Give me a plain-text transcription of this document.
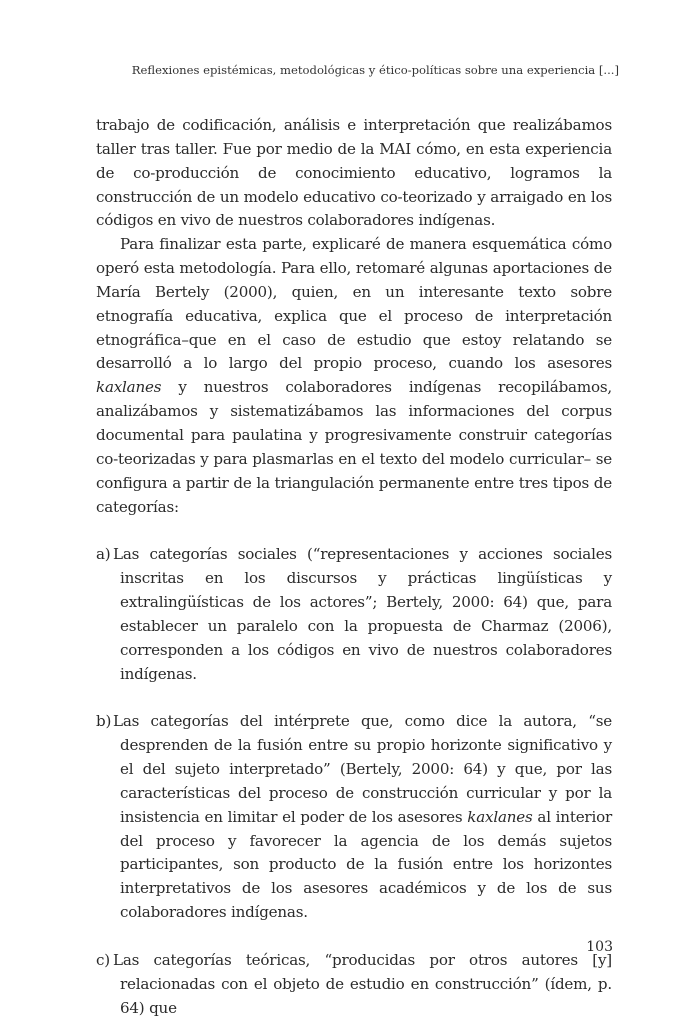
Reflexiones epistémicas, metodológicas y ético-políticas sobre una experiencia [...]

trabajo de codificación, análisis e interpretación que realizábamos taller tras taller. Fue por medio de la MAI cómo, en esta experiencia de co-producción de conocimiento educativo, logramos la construcción de un modelo educativo co-teorizado y arraigado en los códigos en vivo de nuestros colaboradores indígenas.

Para finalizar esta parte, explicaré de manera esquemática cómo operó esta metodología. Para ello, retomaré algunas aportaciones de María Bertely (2000), quien, en un interesante texto sobre etnografía educativa, explica que el proceso de interpretación etnográfica–que en el caso de estudio que estoy relatando se desarrolló a lo largo del propio proceso, cuando los asesores kaxlanes y nuestros colaboradores indígenas recopilábamos, analizábamos y sistematizábamos las informaciones del corpus documental para paulatina y progresivamente construir categorías co-teorizadas y para plasmarlas en el texto del modelo curricular– se configura a partir de la triangulación permanente entre tres tipos de categorías:

a) Las categorías sociales (“representaciones y acciones sociales inscritas en los discursos y prácticas lingüísticas y extralingüísticas de los actores”; Bertely, 2000: 64) que, para establecer un paralelo con la propuesta de Charmaz (2006), corresponden a los códigos en vivo de nuestros colaboradores indígenas.

b) Las categorías del intérprete que, como dice la autora, “se desprenden de la fusión entre su propio horizonte significativo y el del sujeto interpretado” (Bertely, 2000: 64) y que, por las características del proceso de construcción curricular y por la insistencia en limitar el poder de los asesores kaxlanes al interior del proceso y favorecer la agencia de los demás sujetos participantes, son producto de la fusión entre los horizontes interpretativos de los asesores académicos y de los de sus colaboradores indígenas.

c) Las categorías teóricas, “producidas por otros autores [y] relacionadas con el objeto de estudio en construcción” (ídem, p. 64) que

103
